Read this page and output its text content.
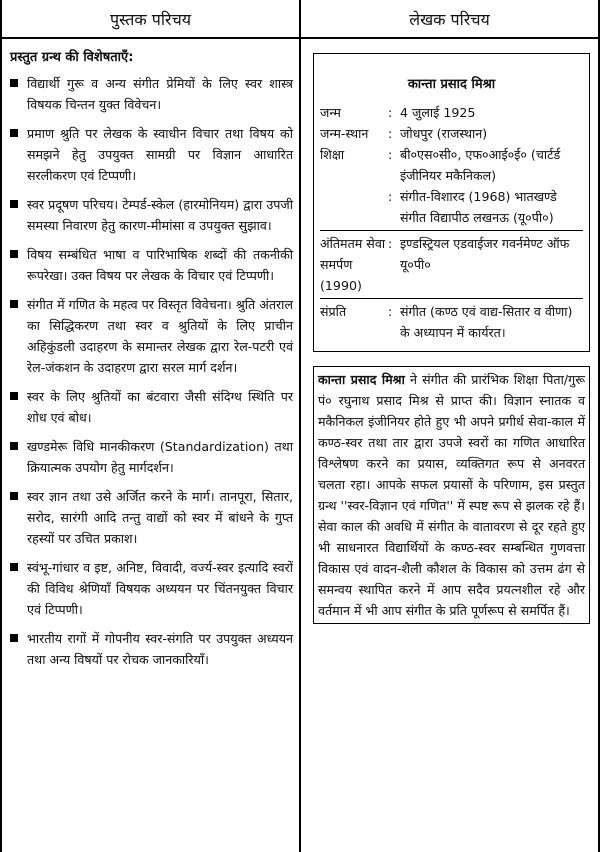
पुस्तक परिचय	लेखक परिचय
प्रस्तुत ग्रन्थ की विशेषताएँ:
विद्यार्थी गुरू व अन्य संगीत प्रेमियों के लिए स्वर शास्त्र विषयक चिन्तन युक्त विवेचन।
प्रमाण श्रुति पर लेखक के स्वाधीन विचार तथा विषय को समझने हेतु उपयुक्त सामग्री पर विज्ञान आधारित सरलीकरण एवं टिप्पणी।
स्वर प्रदूषण परिचय। टेम्पर्ड-स्केल (हारमोनियम) द्वारा उपजी समस्या निवारण हेतु कारण-मीमांसा व उपयुक्त सुझाव।
विषय सम्बंधित भाषा व पारिभाषिक शब्दों की तकनीकी रूपरेखा। उक्त विषय पर लेखक के विचार एवं टिप्पणी।
संगीत में गणित के महत्व पर विस्तृत विवेचना। श्रुति अंतराल का सिद्धिकरण तथा स्वर व श्रुतियों के लिए प्राचीन अहिकुंडली उदाहरण के समान्तर लेखक द्वारा रेल-पटरी एवं रेल-जंकशन के उदाहरण द्वारा सरल मार्ग दर्शन।
स्वर के लिए श्रुतियों का बंटवारा जैसी संदिग्ध स्थिति पर शोध एवं बोध।
खण्डमेरू विधि मानकीकरण (Standardization) तथा क्रियात्मक उपयोग हेतु मार्गदर्शन।
स्वर ज्ञान तथा उसे अर्जित करने के मार्ग। तानपूरा, सितार, सरोद, सारंगी आदि तन्तु वाद्यों को स्वर में बांधने के गुप्त रहस्यों पर उचित प्रकाश।
स्वंभू-गांधार व इष्ट, अनिष्ट, विवादी, वर्ज्य-स्वर इत्यादि स्वरों की विविध श्रेणियाँ विषयक अध्ययन पर चिंतनयुक्त विचार एवं टिप्पणी।
भारतीय रागों में गोपनीय स्वर-संगति पर उपयुक्त अध्ययन तथा अन्य विषयों पर रोचक जानकारियाँ।
कान्ता प्रसाद मिश्रा
जन्म	: 4 जुलाई 1925
जन्म-स्थान	: जोधपुर (राजस्थान)
शिक्षा	: बी०एस०सी०, एफ०आई०ई० (चार्टर्ड इंजीनियर मकैनिकल)
: संगीत-विशारद (1968) भातखण्डे संगीत विद्यापीठ लखनऊ (यू०पी०)
अंतिमतम सेवा समर्पण (1990)
: इण्डस्ट्रियल एडवाईजर गवर्नमेण्ट ऑफ यू०पी०
संप्रति	: संगीत (कण्ठ एवं वाद्य-सितार व वीणा) के अध्यापन में कार्यरत।
कान्ता प्रसाद मिश्रा ने संगीत की प्रारंभिक शिक्षा पिता/गुरू पं० रघुनाथ प्रसाद मिश्र से प्राप्त की। विज्ञान स्नातक व मकैनिकल इंजीनियर होते हुए भी अपने प्रगीर्ध सेवा-काल में कण्ठ-स्वर तथा तार द्वारा उपजे स्वरों का गणित आधारित विश्लेषण करने का प्रयास, व्यक्तिगत रूप से अनवरत चलता रहा। आपके सफल प्रयासों के परिणाम, इस प्रस्तुत ग्रन्थ ''स्वर-विज्ञान एवं गणित'' में स्पष्ट रूप से झलक रहे हैं। सेवा काल की अवधि में संगीत के वातावरण से दूर रहते हुए भी साधनारत विद्यार्थियों के कण्ठ-स्वर सम्बन्धित गुणवत्ता विकास एवं वादन-शैली कौशल के विकास को उत्तम ढंग से समन्वय स्थापित करने में आप सदैव प्रयत्नशील रहे और वर्तमान में भी आप संगीत के प्रति पूर्णरूप से समर्पित हैं।
